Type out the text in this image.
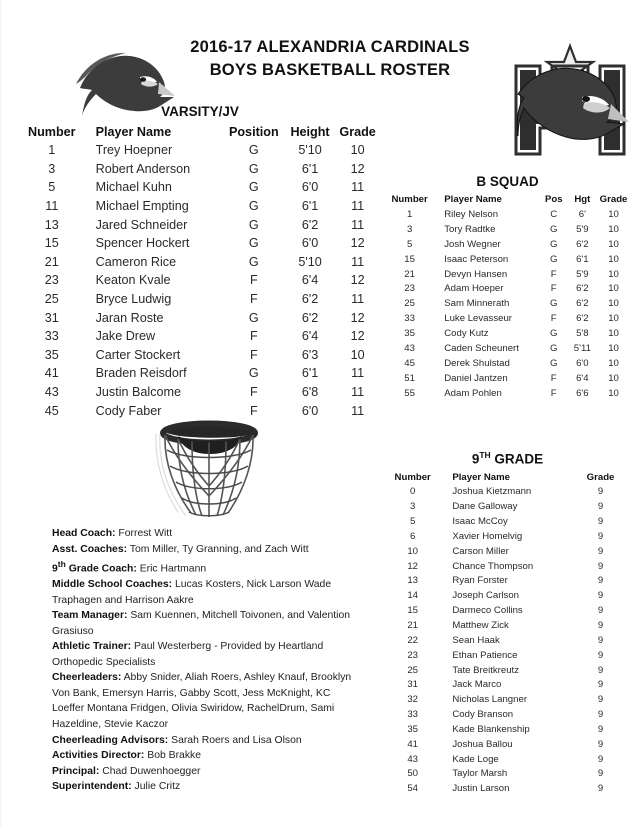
2016-17 ALEXANDRIA CARDINALS
BOYS BASKETBALL ROSTER
VARSITY/JV
Number	Player Name	Position	Height	Grade
1	Trey Hoepner	G	5'10	10
3	Robert Anderson	G	6'1	12
5	Michael Kuhn	G	6'0	11
11	Michael Empting	G	6'1	11
13	Jared Schneider	G	6'2	11
15	Spencer Hockert	G	6'0	12
21	Cameron Rice	G	5'10	11
23	Keaton Kvale	F	6'4	12
25	Bryce Ludwig	F	6'2	11
31	Jaran Roste	G	6'2	12
33	Jake Drew	F	6'4	12
35	Carter Stockert	F	6'3	10
41	Braden Reisdorf	G	6'1	11
43	Justin Balcome	F	6'8	11
45	Cody Faber	F	6'0	11
B SQUAD
Number	Player Name	Pos	Hgt	Grade
1	Riley Nelson	C	6'	10
3	Tory Radtke	G	5'9	10
5	Josh Wegner	G	6'2	10
15	Isaac Peterson	G	6'1	10
21	Devyn Hansen	F	5'9	10
23	Adam Hoeper	F	6'2	10
25	Sam Minnerath	G	6'2	10
33	Luke Levasseur	F	6'2	10
35	Cody Kutz	G	5'8	10
43	Caden Scheunert	G	5'11	10
45	Derek Shulstad	G	6'0	10
51	Daniel Jantzen	F	6'4	10
55	Adam Pohlen	F	6'6	10
9TH GRADE
Number	Player Name	Grade
0	Joshua Kietzmann	9
3	Dane Galloway	9
5	Isaac McCoy	9
6	Xavier Homelvig	9
10	Carson Miller	9
12	Chance Thompson	9
13	Ryan Forster	9
14	Joseph Carlson	9
15	Darmeco Collins	9
21	Matthew Zick	9
22	Sean Haak	9
23	Ethan Patience	9
25	Tate Breitkreutz	9
31	Jack Marco	9
32	Nicholas Langner	9
33	Cody Branson	9
35	Kade Blankenship	9
41	Joshua Ballou	9
43	Kade Loge	9
50	Taylor Marsh	9
54	Justin Larson	9
Head Coach: Forrest Witt
Asst. Coaches: Tom Miller, Ty Granning, and Zach Witt
9th Grade Coach: Eric Hartmann
Middle School Coaches: Lucas Kosters, Nick Larson Wade Traphagen and Harrison Aakre
Team Manager: Sam Kuennen, Mitchell Toivonen, and Valention Grasiuso
Athletic Trainer: Paul Westerberg - Provided by Heartland Orthopedic Specialists
Cheerleaders: Abby Snider, Aliah Roers, Ashley Knauf, Brooklyn Von Bank, Emersyn Harris, Gabby Scott, Jess McKnight, KC Loeffer Montana Fridgen, Olivia Swiridow, RachelDrum, Sami Hazeldine, Stevie Kaczor
Cheerleading Advisors: Sarah Roers and Lisa Olson
Activities Director: Bob Brakke
Principal: Chad Duwenhoegger
Superintendent: Julie Critz
